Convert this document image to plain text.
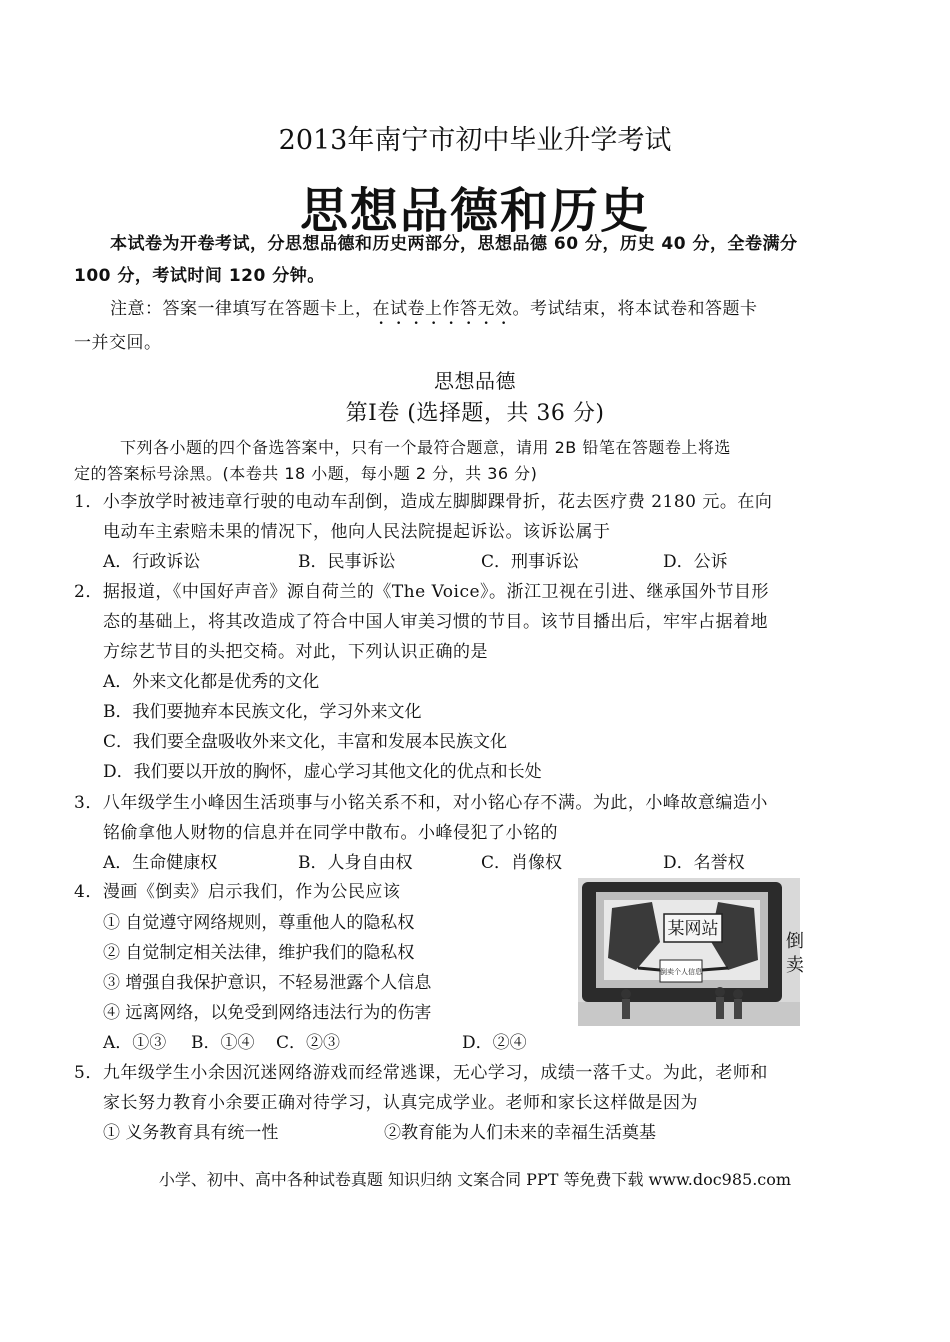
2013年南宁市初中毕业升学考试
思想品德和历史
本试卷为开卷考试，分思想品德和历史两部分，思想品德 60 分，历史 40 分，全卷满分
100 分，考试时间 120 分钟。
注意：答案一律填写在答题卡上，在试卷上作答无效。考试结束，将本试卷和答题卡
一并交回。
思想品德
第Ⅰ卷 (选择题，共 36 分)
下列各小题的四个备选答案中，只有一个最符合题意，请用 2B 铅笔在答题卷上将选
定的答案标号涂黑。(本卷共 18 小题，每小题 2 分，共 36 分)
1．小李放学时被违章行驶的电动车刮倒，造成左脚脚踝骨折，花去医疗费 2180 元。在向
电动车主索赔未果的情况下，他向人民法院提起诉讼。该诉讼属于
A．行政诉讼	B．民事诉讼	C．刑事诉讼	D．公诉
2．据报道，《中国好声音》源自荷兰的《The Voice》。浙江卫视在引进、继承国外节目形
态的基础上，将其改造成了符合中国人审美习惯的节目。该节目播出后，牢牢占据着地
方综艺节目的头把交椅。对此，下列认识正确的是
A．外来文化都是优秀的文化
B．我们要抛弃本民族文化，学习外来文化
C．我们要全盘吸收外来文化，丰富和发展本民族文化
D．我们要以开放的胸怀，虚心学习其他文化的优点和长处
3．八年级学生小峰因生活琐事与小铭关系不和，对小铭心存不满。为此，小峰故意编造小
铭偷拿他人财物的信息并在同学中散布。小峰侵犯了小铭的
A．生命健康权	B．人身自由权	C．肖像权	D．名誉权
4．漫画《倒卖》启示我们，作为公民应该
① 自觉遵守网络规则，尊重他人的隐私权
② 自觉制定相关法律，维护我们的隐私权
③ 增强自我保护意识，不轻易泄露个人信息
④ 远离网络，以免受到网络违法行为的伤害
A．①③ B．①④ C．②③	D．②④
某网站
倒卖个人信息
倒卖
5．九年级学生小余因沉迷网络游戏而经常逃课，无心学习，成绩一落千丈。为此，老师和
家长努力教育小余要正确对待学习，认真完成学业。老师和家长这样做是因为
① 义务教育具有统一性	②教育能为人们未来的幸福生活奠基
小学、初中、高中各种试卷真题 知识归纳 文案合同 PPT 等免费下载 www.doc985.com
